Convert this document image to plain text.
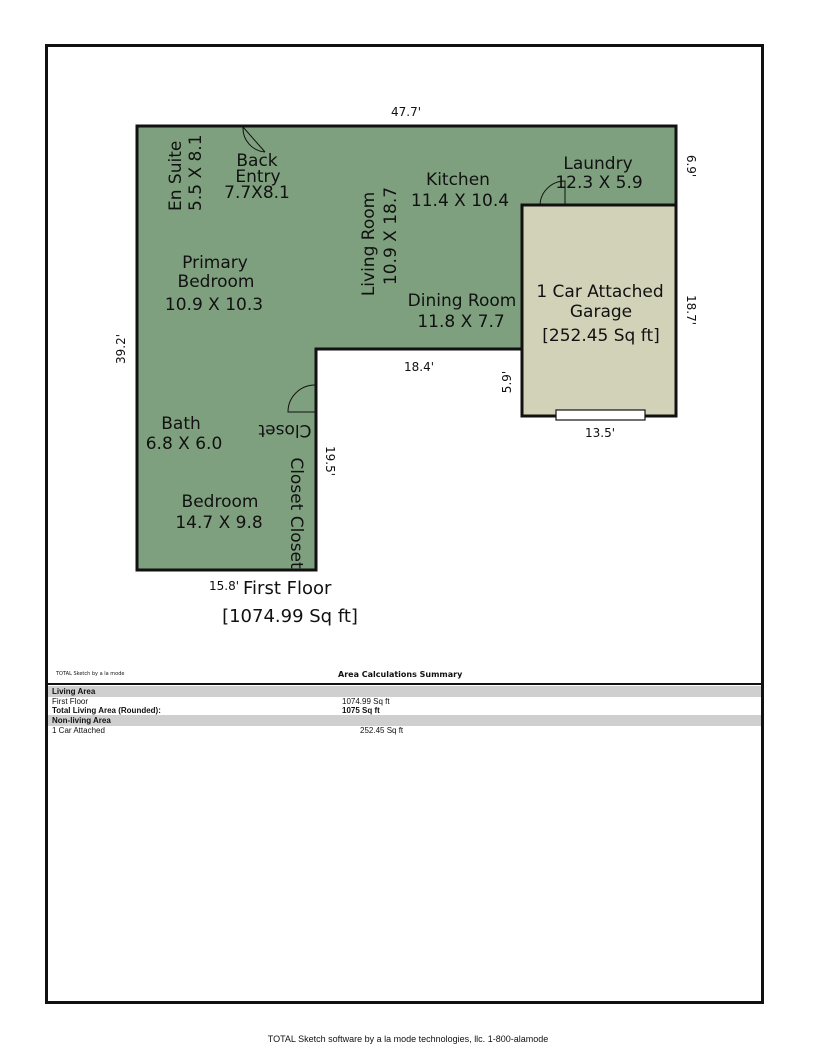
En Suite 5.5 X 8.1 Back
Entry
7.7X8.1
Kitchen
11.4 X 10.4
Laundry
12.3 X 5.9
Living Room 10.9 X 18.7
Primary
Bedroom
10.9 X 10.3	Dining Room
11.8 X 7.7
1 Car Attached
Garage
[252.45 Sq ft]
Bath
6.8 X 6.0
Closet
Closet Closet
Bedroom
14.7 X 9.8
47.7'
39.2'
6.9'
18.7'
18.4'
19.5'
5.9'
13.5'
15.8' First Floor
[1074.99 Sq ft]
TOTAL Sketch by a la mode	Area Calculations Summary
Living Area
First Floor	1074.99 Sq ft
Total Living Area (Rounded):	1075 Sq ft
Non-living Area
1 Car Attached	252.45 Sq ft
TOTAL Sketch software by a la mode technologies, llc. 1-800-alamode
